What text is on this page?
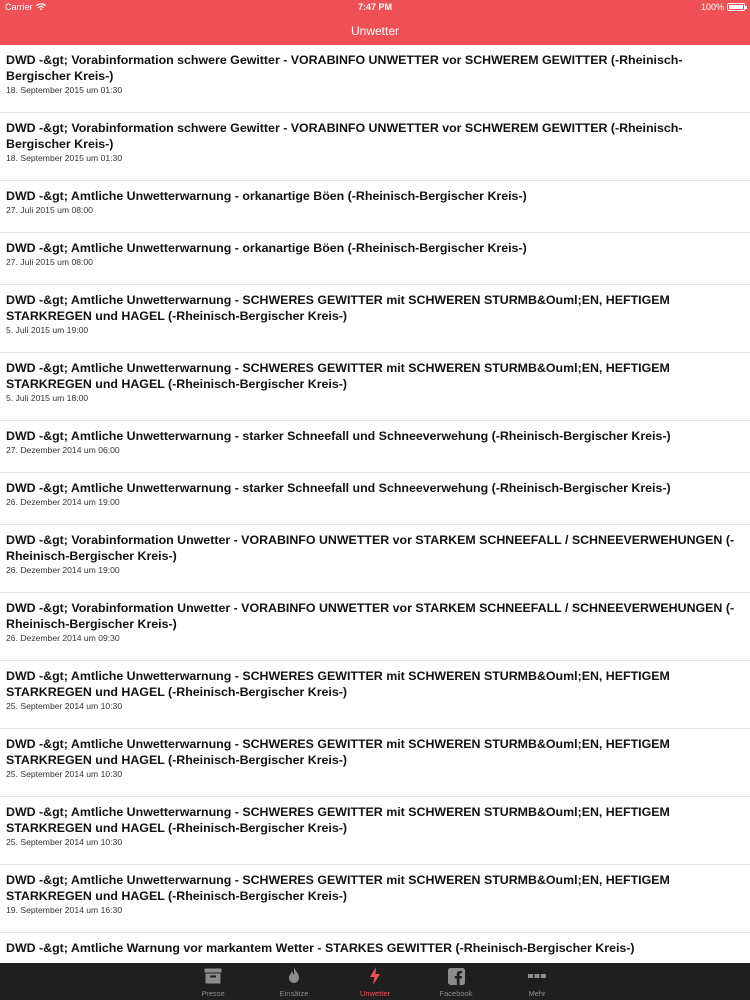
Carrier	7:47 PM	100%
Unwetter
DWD -&gt; Vorabinformation schwere Gewitter - VORABINFO UNWETTER vor SCHWEREM GEWITTER (-Rheinisch-Bergischer Kreis-)
18. September 2015 um 01:30
DWD -&gt; Vorabinformation schwere Gewitter - VORABINFO UNWETTER vor SCHWEREM GEWITTER (-Rheinisch-Bergischer Kreis-)
18. September 2015 um 01:30
DWD -&gt; Amtliche Unwetterwarnung - orkanartige Böen (-Rheinisch-Bergischer Kreis-)
27. Juli 2015 um 08:00
DWD -&gt; Amtliche Unwetterwarnung - orkanartige Böen (-Rheinisch-Bergischer Kreis-)
27. Juli 2015 um 08:00
DWD -&gt; Amtliche Unwetterwarnung - SCHWERES GEWITTER mit SCHWEREN STURMB&Ouml;EN, HEFTIGEM STARKREGEN und HAGEL (-Rheinisch-Bergischer Kreis-)
5. Juli 2015 um 19:00
DWD -&gt; Amtliche Unwetterwarnung - SCHWERES GEWITTER mit SCHWEREN STURMB&Ouml;EN, HEFTIGEM STARKREGEN und HAGEL (-Rheinisch-Bergischer Kreis-)
5. Juli 2015 um 18:00
DWD -&gt; Amtliche Unwetterwarnung - starker Schneefall und Schneeverwehung (-Rheinisch-Bergischer Kreis-)
27. Dezember 2014 um 06:00
DWD -&gt; Amtliche Unwetterwarnung - starker Schneefall und Schneeverwehung (-Rheinisch-Bergischer Kreis-)
26. Dezember 2014 um 19:00
DWD -&gt; Vorabinformation Unwetter - VORABINFO UNWETTER vor STARKEM SCHNEEFALL / SCHNEEVERWEHUNGEN (-Rheinisch-Bergischer Kreis-)
26. Dezember 2014 um 19:00
DWD -&gt; Vorabinformation Unwetter - VORABINFO UNWETTER vor STARKEM SCHNEEFALL / SCHNEEVERWEHUNGEN (-Rheinisch-Bergischer Kreis-)
26. Dezember 2014 um 09:30
DWD -&gt; Amtliche Unwetterwarnung - SCHWERES GEWITTER mit SCHWEREN STURMB&Ouml;EN, HEFTIGEM STARKREGEN und HAGEL (-Rheinisch-Bergischer Kreis-)
25. September 2014 um 10:30
DWD -&gt; Amtliche Unwetterwarnung - SCHWERES GEWITTER mit SCHWEREN STURMB&Ouml;EN, HEFTIGEM STARKREGEN und HAGEL (-Rheinisch-Bergischer Kreis-)
25. September 2014 um 10:30
DWD -&gt; Amtliche Unwetterwarnung - SCHWERES GEWITTER mit SCHWEREN STURMB&Ouml;EN, HEFTIGEM STARKREGEN und HAGEL (-Rheinisch-Bergischer Kreis-)
25. September 2014 um 10:30
DWD -&gt; Amtliche Unwetterwarnung - SCHWERES GEWITTER mit SCHWEREN STURMB&Ouml;EN, HEFTIGEM STARKREGEN und HAGEL (-Rheinisch-Bergischer Kreis-)
19. September 2014 um 16:30
DWD -&gt; Amtliche Warnung vor markantem Wetter - STARKES GEWITTER (-Rheinisch-Bergischer Kreis-)
Presse	Einsätze	Unwetter	Facebook	Mehr
